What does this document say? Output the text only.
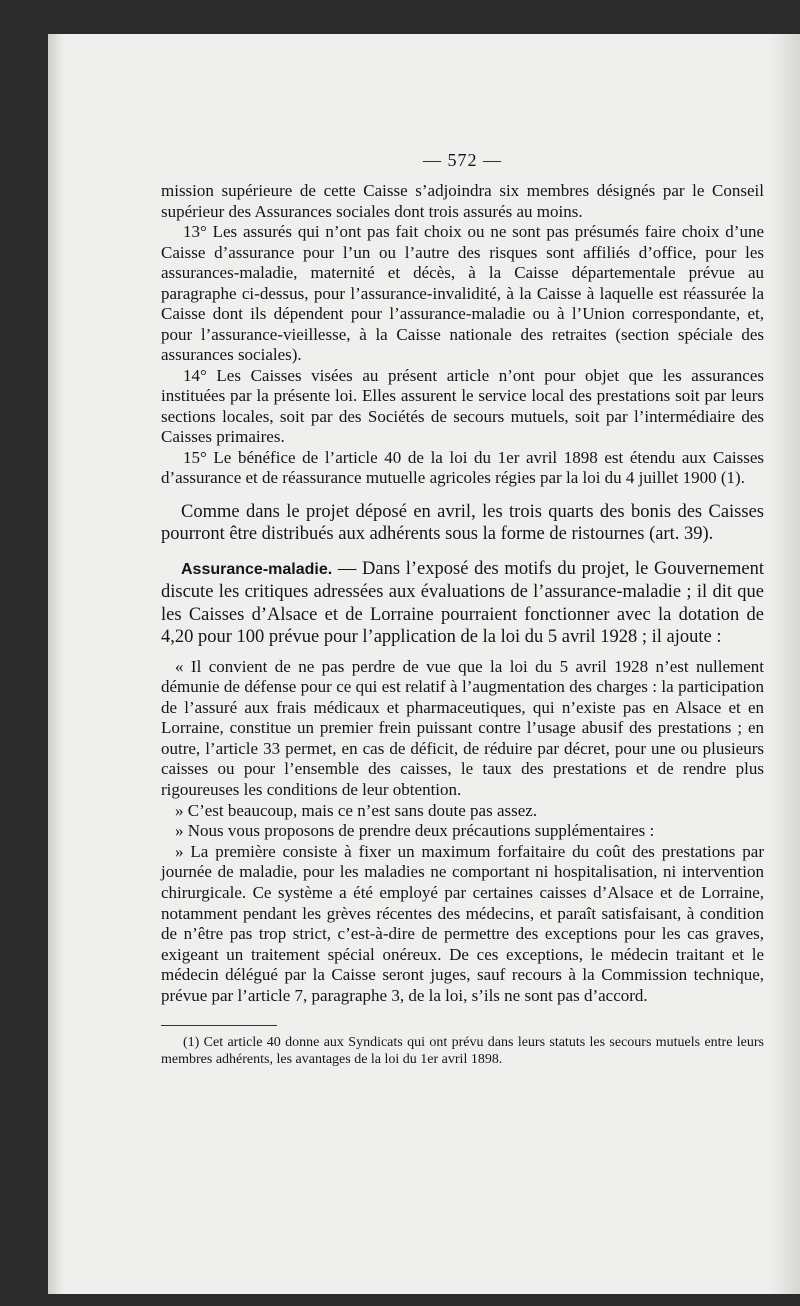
— 572 —

mission supérieure de cette Caisse s’adjoindra six membres désignés par le Conseil supérieur des Assurances sociales dont trois assurés au moins.

13° Les assurés qui n’ont pas fait choix ou ne sont pas présumés faire choix d’une Caisse d’assurance pour l’un ou l’autre des risques sont affiliés d’office, pour les assurances-maladie, maternité et décès, à la Caisse départementale prévue au paragraphe ci-dessus, pour l’assurance-invalidité, à la Caisse à laquelle est réassurée la Caisse dont ils dépendent pour l’assurance-maladie ou à l’Union correspondante, et, pour l’assurance-vieillesse, à la Caisse nationale des retraites (section spéciale des assurances sociales).

14° Les Caisses visées au présent article n’ont pour objet que les assurances instituées par la présente loi. Elles assurent le service local des prestations soit par leurs sections locales, soit par des Sociétés de secours mutuels, soit par l’intermédiaire des Caisses primaires.

15° Le bénéfice de l’article 40 de la loi du 1er avril 1898 est étendu aux Caisses d’assurance et de réassurance mutuelle agricoles régies par la loi du 4 juillet 1900 (1).

Comme dans le projet déposé en avril, les trois quarts des bonis des Caisses pourront être distribués aux adhérents sous la forme de ristournes (art. 39).

Assurance-maladie. — Dans l’exposé des motifs du projet, le Gouvernement discute les critiques adressées aux évaluations de l’assurance-maladie ; il dit que les Caisses d’Alsace et de Lorraine pourraient fonctionner avec la dotation de 4,20 pour 100 prévue pour l’application de la loi du 5 avril 1928 ; il ajoute :

« Il convient de ne pas perdre de vue que la loi du 5 avril 1928 n’est nullement démunie de défense pour ce qui est relatif à l’augmentation des charges : la participation de l’assuré aux frais médicaux et pharmaceutiques, qui n’existe pas en Alsace et en Lorraine, constitue un premier frein puissant contre l’usage abusif des prestations ; en outre, l’article 33 permet, en cas de déficit, de réduire par décret, pour une ou plusieurs caisses ou pour l’ensemble des caisses, le taux des prestations et de rendre plus rigoureuses les conditions de leur obtention.

» C’est beaucoup, mais ce n’est sans doute pas assez.

» Nous vous proposons de prendre deux précautions supplémentaires :

» La première consiste à fixer un maximum forfaitaire du coût des prestations par journée de maladie, pour les maladies ne comportant ni hospitalisation, ni intervention chirurgicale. Ce système a été employé par certaines caisses d’Alsace et de Lorraine, notamment pendant les grèves récentes des médecins, et paraît satisfaisant, à condition de n’être pas trop strict, c’est-à-dire de permettre des exceptions pour les cas graves, exigeant un traitement spécial onéreux. De ces exceptions, le médecin traitant et le médecin délégué par la Caisse seront juges, sauf recours à la Commission technique, prévue par l’article 7, paragraphe 3, de la loi, s’ils ne sont pas d’accord.

(1) Cet article 40 donne aux Syndicats qui ont prévu dans leurs statuts les secours mutuels entre leurs membres adhérents, les avantages de la loi du 1er avril 1898.
